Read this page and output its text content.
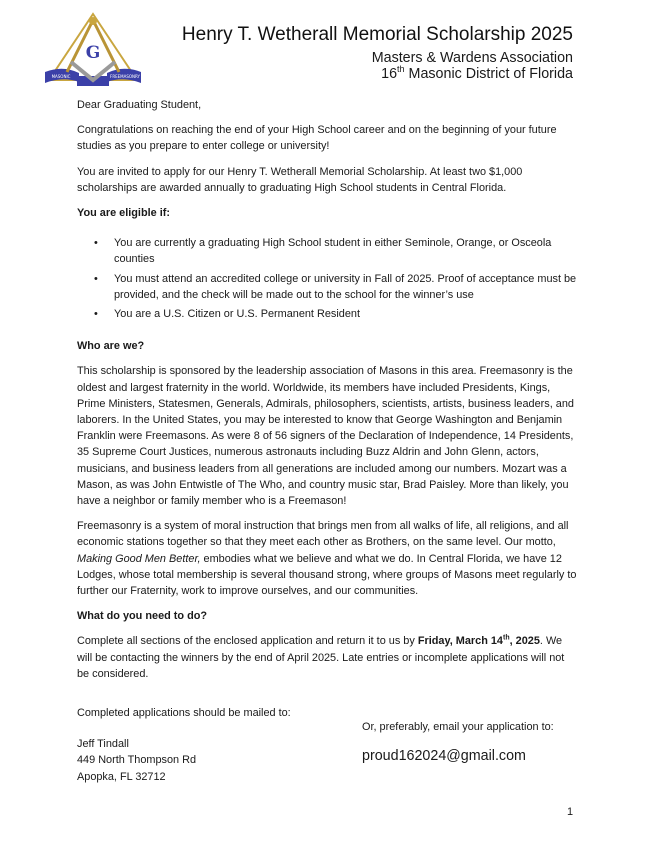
MASONIC	FREEMASONRY
G
Henry T. Wetherall Memorial Scholarship 2025
Masters & Wardens Association
16th Masonic District of Florida

Dear Graduating Student,

Congratulations on reaching the end of your High School career and on the beginning of your future studies as you prepare to enter college or university!

You are invited to apply for our Henry T. Wetherall Memorial Scholarship. At least two $1,000 scholarships are awarded annually to graduating High School students in Central Florida.

You are eligible if:

• You are currently a graduating High School student in either Seminole, Orange, or Osceola counties
• You must attend an accredited college or university in Fall of 2025. Proof of acceptance must be provided, and the check will be made out to the school for the winner’s use
• You are a U.S. Citizen or U.S. Permanent Resident

Who are we?

This scholarship is sponsored by the leadership association of Masons in this area. Freemasonry is the oldest and largest fraternity in the world. Worldwide, its members have included Presidents, Kings, Prime Ministers, Statesmen, Generals, Admirals, philosophers, scientists, artists, business leaders, and laborers. In the United States, you may be interested to know that George Washington and Benjamin Franklin were Freemasons. As were 8 of 56 signers of the Declaration of Independence, 14 Presidents, 35 Supreme Court Justices, numerous astronauts including Buzz Aldrin and John Glenn, actors, musicians, and business leaders from all generations are included among our numbers. Mozart was a Mason, as was John Entwistle of The Who, and country music star, Brad Paisley. More than likely, you have a neighbor or family member who is a Freemason!

Freemasonry is a system of moral instruction that brings men from all walks of life, all religions, and all economic stations together so that they meet each other as Brothers, on the same level. Our motto, Making Good Men Better, embodies what we believe and what we do. In Central Florida, we have 12 Lodges, whose total membership is several thousand strong, where groups of Masons meet regularly to further our Fraternity, work to improve ourselves, and our communities.

What do you need to do?

Complete all sections of the enclosed application and return it to us by Friday, March 14th, 2025. We will be contacting the winners by the end of April 2025. Late entries or incomplete applications will not be considered.

Completed applications should be mailed to:
Jeff Tindall
449 North Thompson Rd
Apopka, FL 32712
Or, preferably, email your application to:
proud162024@gmail.com
1
